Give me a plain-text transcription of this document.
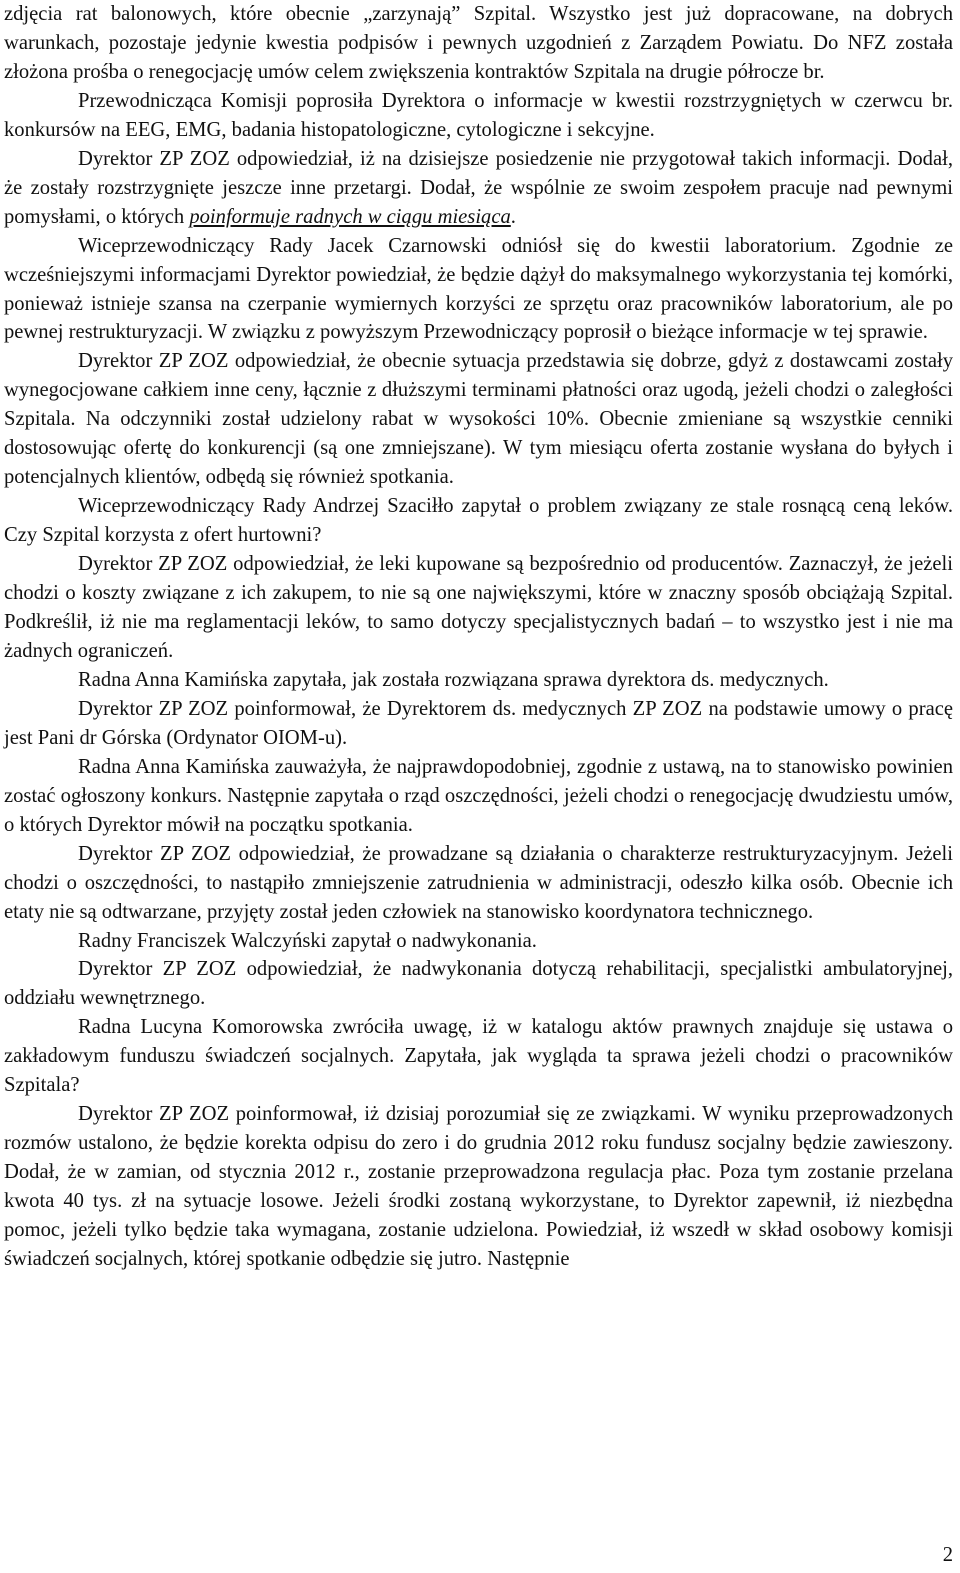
zdjęcia rat balonowych, które obecnie „zarzynają” Szpital. Wszystko jest już dopracowane, na dobrych warunkach, pozostaje jedynie kwestia podpisów i pewnych uzgodnień z Zarządem Powiatu. Do NFZ została złożona prośba o renegocjację umów celem zwiększenia kontraktów Szpitala na drugie półrocze br.

Przewodnicząca Komisji poprosiła Dyrektora o informacje w kwestii rozstrzygniętych w czerwcu br. konkursów na EEG, EMG, badania histopatologiczne, cytologiczne i sekcyjne.

Dyrektor ZP ZOZ odpowiedział, iż na dzisiejsze posiedzenie nie przygotował takich informacji. Dodał, że zostały rozstrzygnięte jeszcze inne przetargi. Dodał, że wspólnie ze swoim zespołem pracuje nad pewnymi pomysłami, o których poinformuje radnych w ciągu miesiąca.

Wiceprzewodniczący Rady Jacek Czarnowski odniósł się do kwestii laboratorium. Zgodnie ze wcześniejszymi informacjami Dyrektor powiedział, że będzie dążył do maksymalnego wykorzystania tej komórki, ponieważ istnieje szansa na czerpanie wymiernych korzyści ze sprzętu oraz pracowników laboratorium, ale po pewnej restrukturyzacji. W związku z powyższym Przewodniczący poprosił o bieżące informacje w tej sprawie.

Dyrektor ZP ZOZ odpowiedział, że obecnie sytuacja przedstawia się dobrze, gdyż z dostawcami zostały wynegocjowane całkiem inne ceny, łącznie z dłuższymi terminami płatności oraz ugodą, jeżeli chodzi o zaległości Szpitala. Na odczynniki został udzielony rabat w wysokości 10%. Obecnie zmieniane są wszystkie cenniki dostosowując ofertę do konkurencji (są one zmniejszane). W tym miesiącu oferta zostanie wysłana do byłych i potencjalnych klientów, odbędą się również spotkania.

Wiceprzewodniczący Rady Andrzej Szaciłło zapytał o problem związany ze stale rosnącą ceną leków. Czy Szpital korzysta z ofert hurtowni?

Dyrektor ZP ZOZ odpowiedział, że leki kupowane są bezpośrednio od producentów. Zaznaczył, że jeżeli chodzi o koszty związane z ich zakupem, to nie są one największymi, które w znaczny sposób obciążają Szpital. Podkreślił, iż nie ma reglamentacji leków, to samo dotyczy specjalistycznych badań – to wszystko jest i nie ma żadnych ograniczeń.

Radna Anna Kamińska zapytała, jak została rozwiązana sprawa dyrektora ds. medycznych.

Dyrektor ZP ZOZ poinformował, że Dyrektorem ds. medycznych ZP ZOZ na podstawie umowy o pracę jest Pani dr Górska (Ordynator OIOM-u).

Radna Anna Kamińska zauważyła, że najprawdopodobniej, zgodnie z ustawą, na to stanowisko powinien zostać ogłoszony konkurs. Następnie zapytała o rząd oszczędności, jeżeli chodzi o renegocjację dwudziestu umów, o których Dyrektor mówił na początku spotkania.

Dyrektor ZP ZOZ odpowiedział, że prowadzane są działania o charakterze restrukturyzacyjnym. Jeżeli chodzi o oszczędności, to nastąpiło zmniejszenie zatrudnienia w administracji, odeszło kilka osób. Obecnie ich etaty nie są odtwarzane, przyjęty został jeden człowiek na stanowisko koordynatora technicznego.

Radny Franciszek Walczyński zapytał o nadwykonania.

Dyrektor ZP ZOZ odpowiedział, że nadwykonania dotyczą rehabilitacji, specjalistki ambulatoryjnej, oddziału wewnętrznego.

Radna Lucyna Komorowska zwróciła uwagę, iż w katalogu aktów prawnych znajduje się ustawa o zakładowym funduszu świadczeń socjalnych. Zapytała, jak wygląda ta sprawa jeżeli chodzi o pracowników Szpitala?

Dyrektor ZP ZOZ poinformował, iż dzisiaj porozumiał się ze związkami. W wyniku przeprowadzonych rozmów ustalono, że będzie korekta odpisu do zero i do grudnia 2012 roku fundusz socjalny będzie zawieszony. Dodał, że w zamian, od stycznia 2012 r., zostanie przeprowadzona regulacja płac. Poza tym zostanie przelana kwota 40 tys. zł na sytuacje losowe. Jeżeli środki zostaną wykorzystane, to Dyrektor zapewnił, iż niezbędna pomoc, jeżeli tylko będzie taka wymagana, zostanie udzielona. Powiedział, iż wszedł w skład osobowy komisji świadczeń socjalnych, której spotkanie odbędzie się jutro. Następnie

2
